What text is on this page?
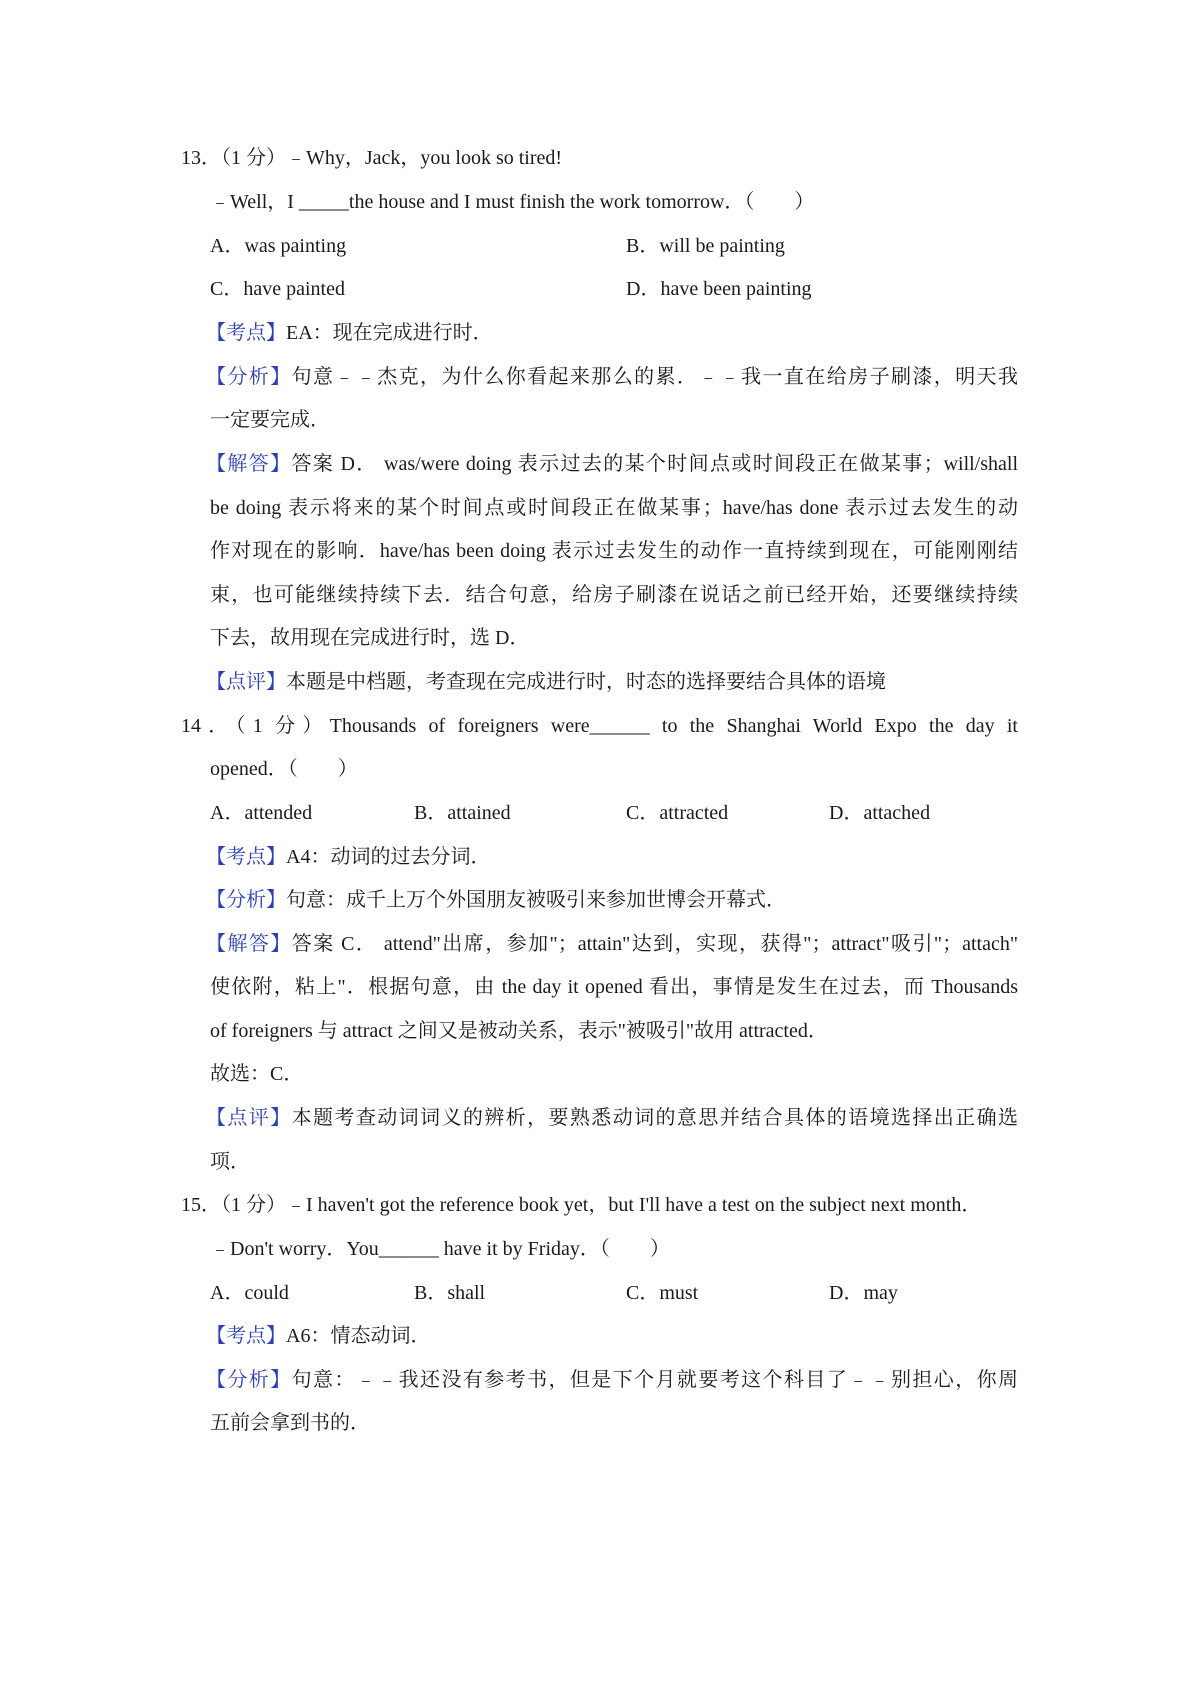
13．（1 分）﹣Why，Jack，you look so tired!
﹣Well，I _____the house and I must finish the work tomorrow．（　　）
A．was painting	B．will be painting
C．have painted	D．have been painting
【考点】EA：现在完成进行时．
【分析】句意﹣﹣杰克，为什么你看起来那么的累．﹣﹣我一直在给房子刷漆，明天我
一定要完成．
【解答】答案 D． was/were doing 表示过去的某个时间点或时间段正在做某事；will/shall
be doing 表示将来的某个时间点或时间段正在做某事；have/has done 表示过去发生的动
作对现在的影响．have/has been doing 表示过去发生的动作一直持续到现在，可能刚刚结
束，也可能继续持续下去．结合句意，给房子刷漆在说话之前已经开始，还要继续持续
下去，故用现在完成进行时，选 D．
【点评】本题是中档题，考查现在完成进行时，时态的选择要结合具体的语境
14．（1 分）Thousands of foreigners were______ to the Shanghai World Expo the day it
opened．（　　）
A．attended	B．attained	C．attracted	D．attached
【考点】A4：动词的过去分词．
【分析】句意：成千上万个外国朋友被吸引来参加世博会开幕式．
【解答】答案 C． attend"出席，参加"；attain"达到，实现，获得"；attract"吸引"；attach"
使依附，粘上"．根据句意，由 the day it opened 看出，事情是发生在过去，而 Thousands
of foreigners 与 attract 之间又是被动关系，表示"被吸引"故用 attracted．
故选：C．
【点评】本题考查动词词义的辨析，要熟悉动词的意思并结合具体的语境选择出正确选
项．
15．（1 分）﹣I haven't got the reference book yet，but I'll have a test on the subject next month．
﹣Don't worry．You______ have it by Friday．（　　）
A．could	B．shall	C．must	D．may
【考点】A6：情态动词．
【分析】句意：﹣﹣我还没有参考书，但是下个月就要考这个科目了﹣﹣别担心，你周
五前会拿到书的．
